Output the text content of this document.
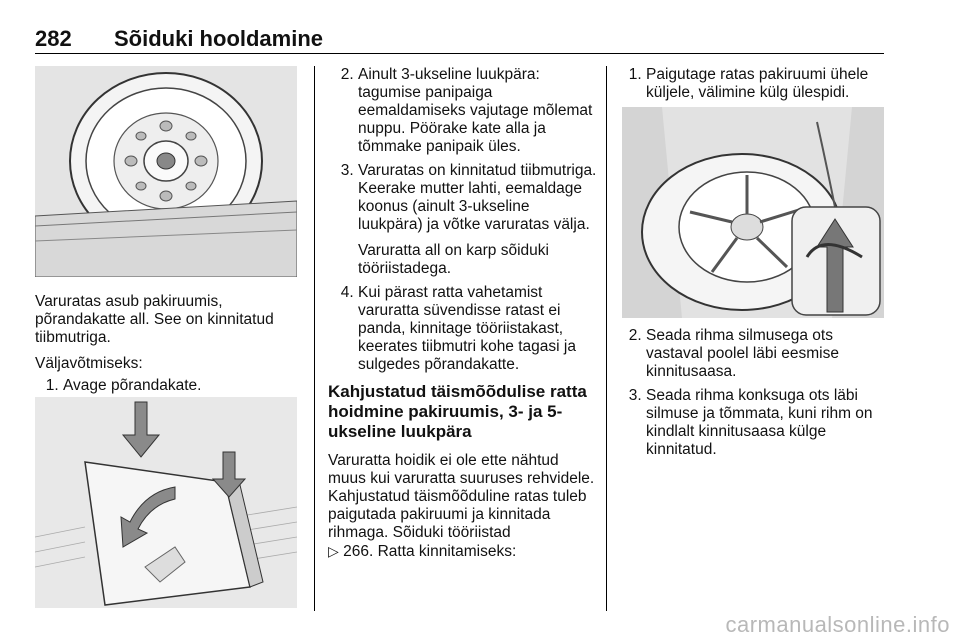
282 Sõiduki hooldamine

Varuratas asub pakiruumis, põrandakatte all. See on kinnitatud tiibmutriga.

Väljavõtmiseks:

1. Avage põrandakate.
2. Ainult 3-ukseline luukpära: tagumise panipaiga eemaldamiseks vajutage mõlemat nuppu. Pöörake kate alla ja tõmmake panipaik üles.
3. Varuratas on kinnitatud tiibmutriga. Keerake mutter lahti, eemaldage koonus (ainult 3-ukseline luukpära) ja võtke varuratas välja.

Varuratta all on karp sõiduki tööriistadega.

4. Kui pärast ratta vahetamist varuratta süvendisse ratast ei panda, kinnitage tööriistakast, keerates tiibmutri kohe tagasi ja sulgedes põrandakatte.
Kahjustatud täismõõdulise ratta hoidmine pakiruumis, 3- ja 5-ukseline luukpära

Varuratta hoidik ei ole ette nähtud muus kui varuratta suuruses rehvidele. Kahjustatud täismõõduline ratas tuleb paigutada pakiruumi ja kinnitada rihmaga. Sõiduki tööriistad
▷ 266. Ratta kinnitamiseks:

1. Paigutage ratas pakiruumi ühele küljele, välimine külg ülespidi.
2. Seada rihma silmusega ots vastaval poolel läbi eesmise kinnitusaasa.
3. Seada rihma konksuga ots läbi silmuse ja tõmmata, kuni rihm on kindlalt kinnitusaasa külge kinnitatud.
carmanualsonline.info
